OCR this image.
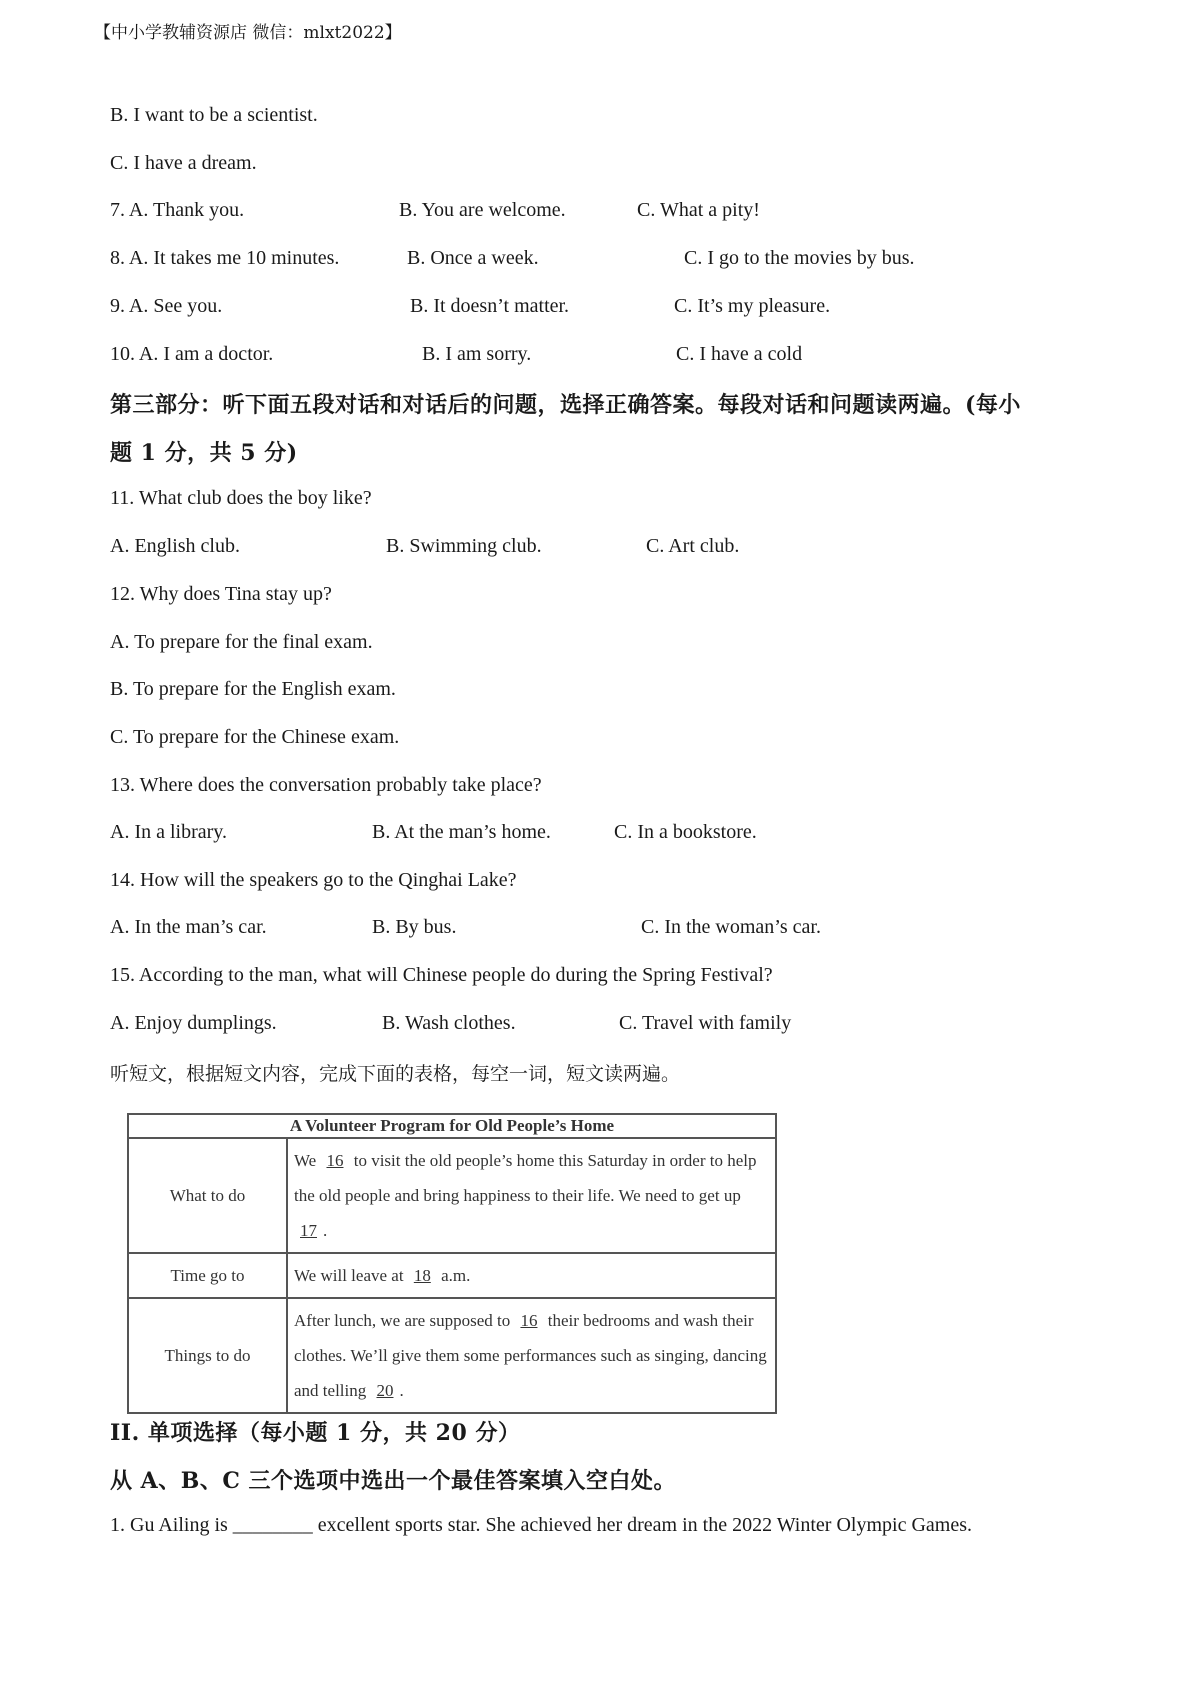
【中小学教辅资源店 微信：mlxt2022】
B. I want to be a scientist.
C. I have a dream.
7. A. Thank you.	B. You are welcome.	C. What a pity!
8. A. It takes me 10 minutes.	B. Once a week.	C. I go to the movies by bus.
9. A. See you.	B. It doesn’t matter.	C. It’s my pleasure.
10. A. I am a doctor.	B. I am sorry.	C. I have a cold
第三部分：听下面五段对话和对话后的问题，选择正确答案。每段对话和问题读两遍。(每小
题 1 分，共 5 分)
11. What club does the boy like?
A. English club.	B. Swimming club.	C. Art club.
12. Why does Tina stay up?
A. To prepare for the final exam.
B. To prepare for the English exam.
C. To prepare for the Chinese exam.
13. Where does the conversation probably take place?
A. In a library.	B. At the man’s home.	C. In a bookstore.
14. How will the speakers go to the Qinghai Lake?
A. In the man’s car.	B. By bus.	C. In the woman’s car.
15. According to the man, what will Chinese people do during the Spring Festival?
A. Enjoy dumplings.	B. Wash clothes.	C. Travel with family
听短文，根据短文内容，完成下面的表格，每空一词，短文读两遍。
A Volunteer Program for Old People’s Home	
What to do	We 16 to visit the old people’s home this Saturday in order to help the old people and bring happiness to their life. We need to get up 17 .
Time go to	We will leave at 18 a.m.
Things to do	After lunch, we are supposed to 16 their bedrooms and wash their clothes. We’ll give them some performances such as singing, dancing and telling 20 .
II. 单项选择（每小题 1 分，共 20 分）
从 A、B、C 三个选项中选出一个最佳答案填入空白处。
1. Gu Ailing is ________ excellent sports star. She achieved her dream in the 2022 Winter Olympic Games.
